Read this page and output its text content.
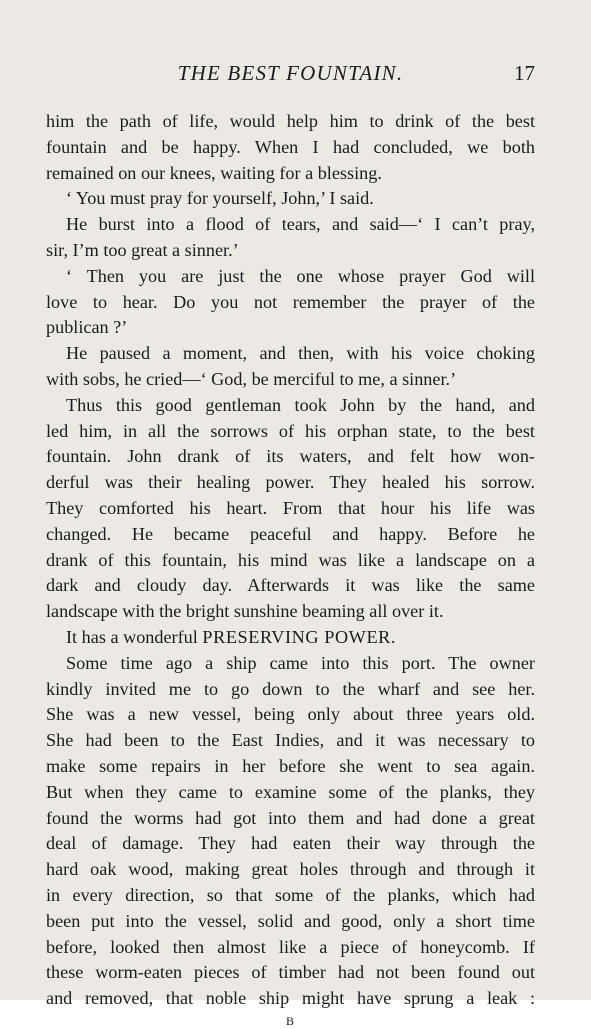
THE BEST FOUNTAIN.	17
him the path of life, would help him to drink of the best
fountain and be happy. When I had concluded, we both
remained on our knees, waiting for a blessing.
‘ You must pray for yourself, John,’ I said.
He burst into a flood of tears, and said—‘ I can’t pray,
sir, I’m too great a sinner.’
‘ Then you are just the one whose prayer God will
love to hear. Do you not remember the prayer of the
publican ?’
He paused a moment, and then, with his voice choking
with sobs, he cried—‘ God, be merciful to me, a sinner.’
Thus this good gentleman took John by the hand, and
led him, in all the sorrows of his orphan state, to the best
fountain. John drank of its waters, and felt how won-
derful was their healing power. They healed his sorrow.
They comforted his heart. From that hour his life was
changed. He became peaceful and happy. Before he
drank of this fountain, his mind was like a landscape on a
dark and cloudy day. Afterwards it was like the same
landscape with the bright sunshine beaming all over it.
It has a wonderful PRESERVING POWER.
Some time ago a ship came into this port. The owner
kindly invited me to go down to the wharf and see her.
She was a new vessel, being only about three years old.
She had been to the East Indies, and it was necessary to
make some repairs in her before she went to sea again.
But when they came to examine some of the planks, they
found the worms had got into them and had done a great
deal of damage. They had eaten their way through the
hard oak wood, making great holes through and through it
in every direction, so that some of the planks, which had
been put into the vessel, solid and good, only a short time
before, looked then almost like a piece of honeycomb. If
these worm-eaten pieces of timber had not been found out
and removed, that noble ship might have sprung a leak :
B
